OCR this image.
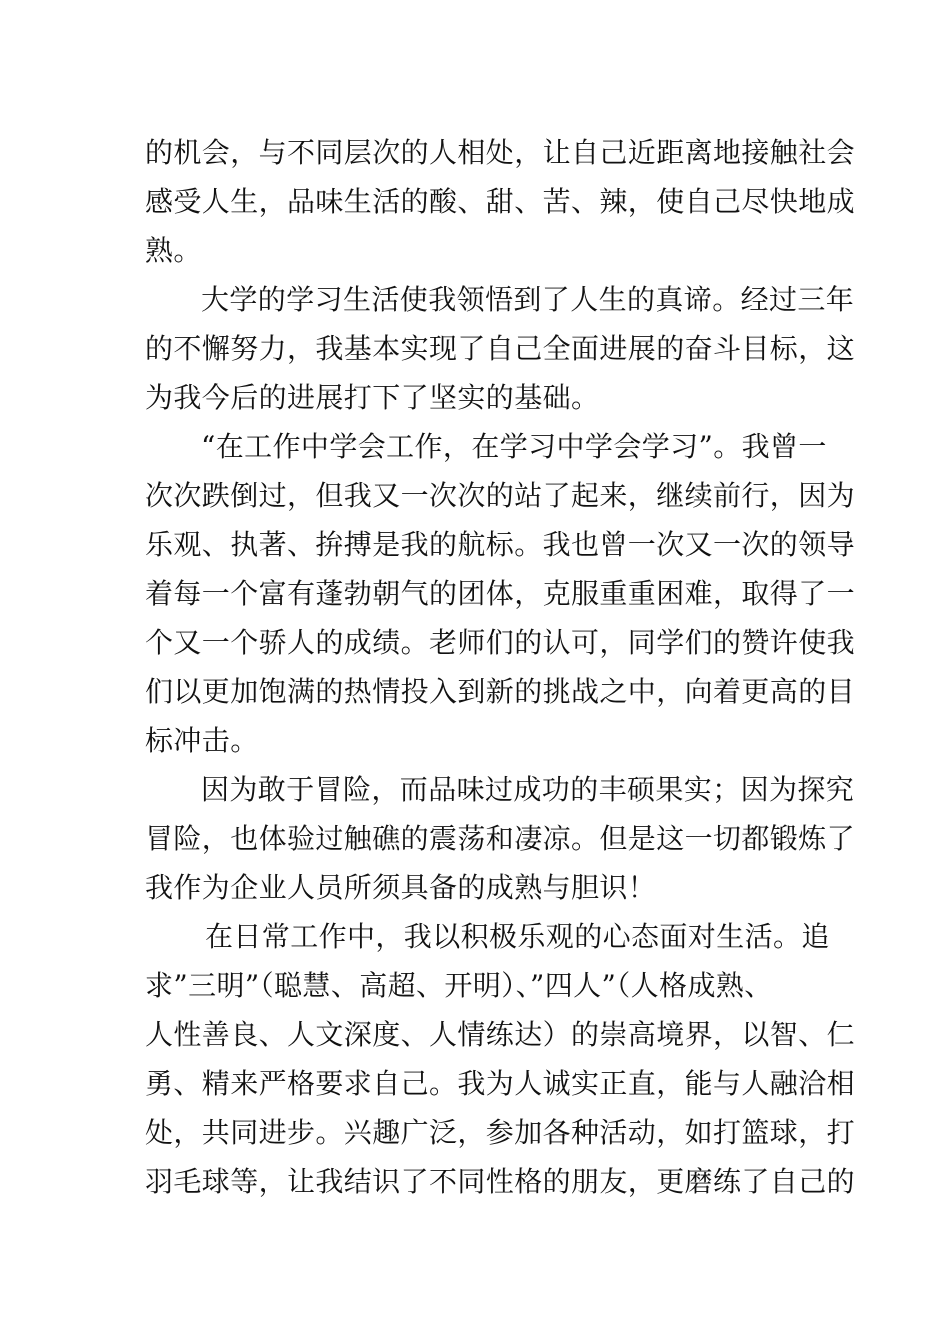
的机会，与不同层次的人相处，让自己近距离地接触社会
感受人生，品味生活的酸、甜、苦、辣，使自己尽快地成
熟。
大学的学习生活使我领悟到了人生的真谛。经过三年
的不懈努力，我基本实现了自己全面进展的奋斗目标，这
为我今后的进展打下了坚实的基础。
“在工作中学会工作，在学习中学会学习”。我曾一
次次跌倒过，但我又一次次的站了起来，继续前行，因为
乐观、执著、拚搏是我的航标。我也曾一次又一次的领导
着每一个富有蓬勃朝气的团体，克服重重困难，取得了一
个又一个骄人的成绩。老师们的认可，同学们的赞许使我
们以更加饱满的热情投入到新的挑战之中，向着更高的目
标冲击。
因为敢于冒险，而品味过成功的丰硕果实；因为探究
冒险，也体验过触礁的震荡和凄凉。但是这一切都锻炼了
我作为企业人员所须具备的成熟与胆识！
在日常工作中，我以积极乐观的心态面对生活。追
求”三明”（聪慧、高超、开明）、”四人”（人格成熟、
人性善良、人文深度、人情练达）的崇高境界，以智、仁
勇、精来严格要求自己。我为人诚实正直，能与人融洽相
处，共同进步。兴趣广泛，参加各种活动，如打篮球，打
羽毛球等，让我结识了不同性格的朋友，更磨练了自己的
